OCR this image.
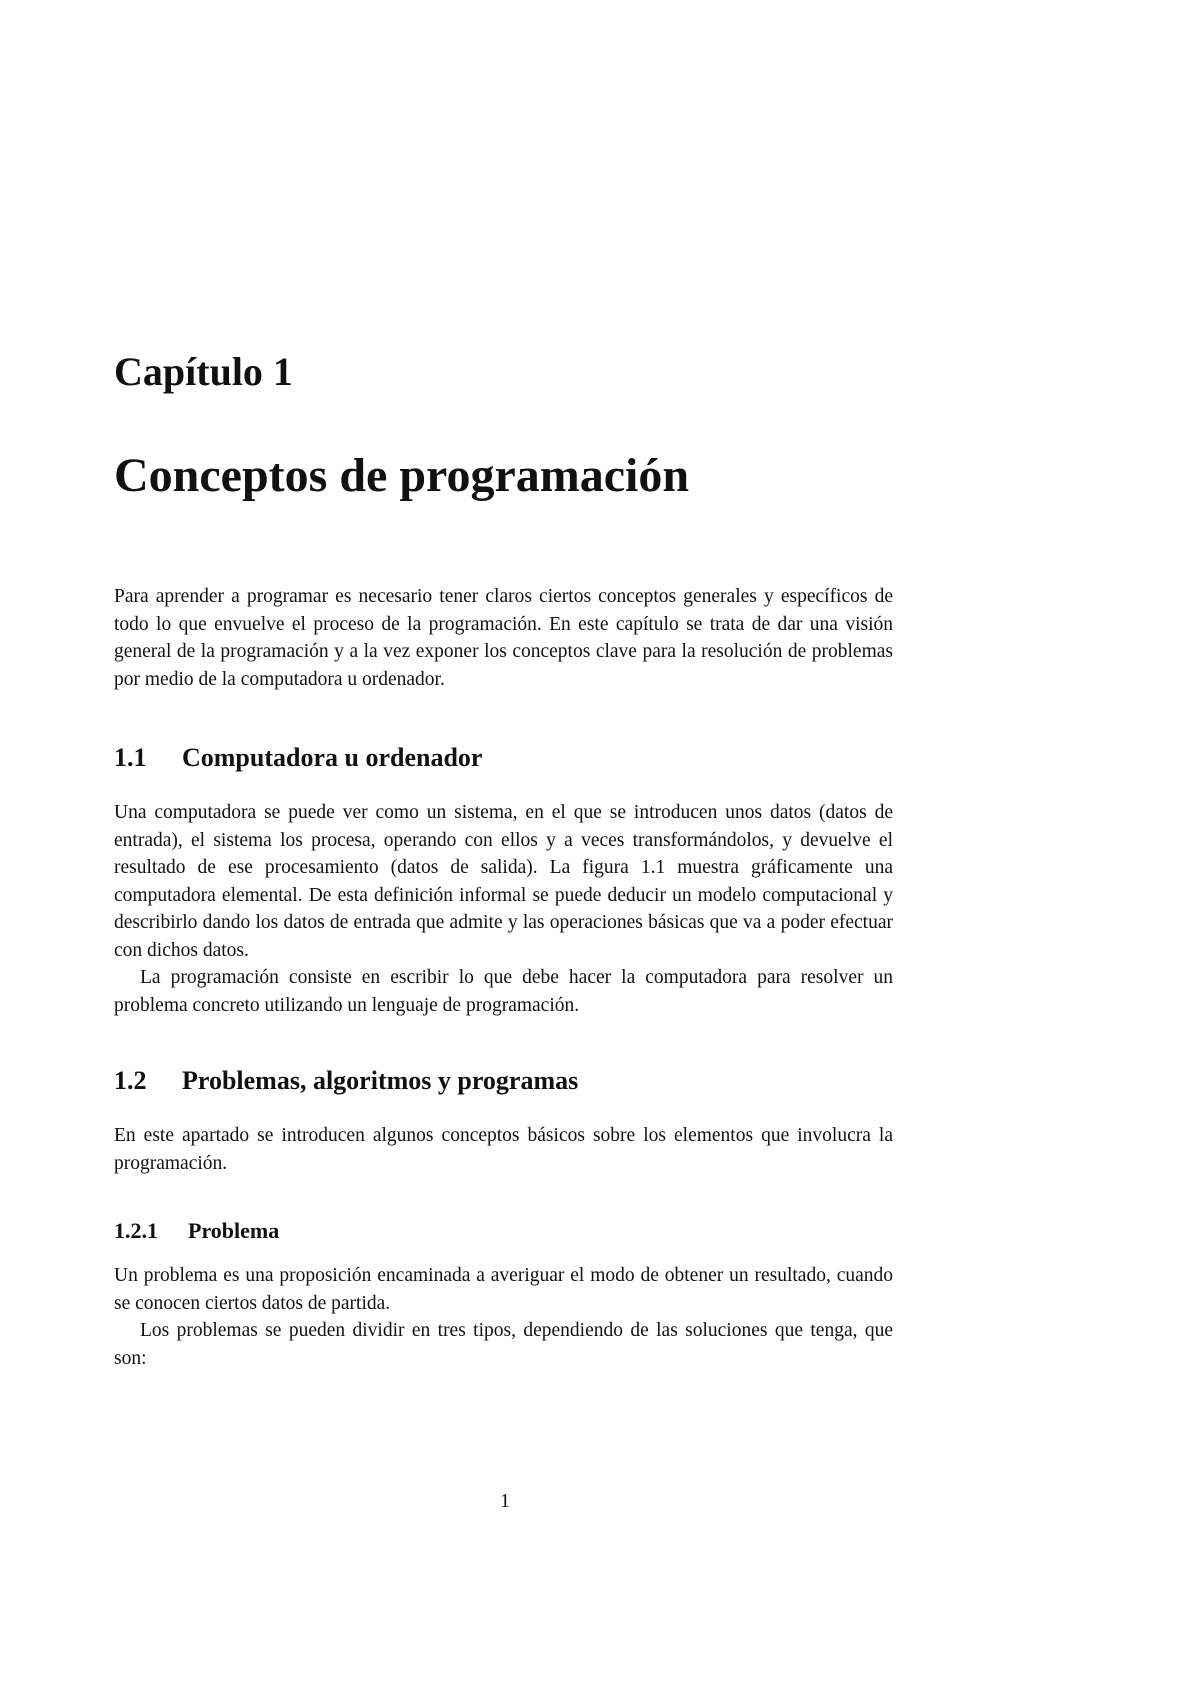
Capítulo 1
Conceptos de programación

Para aprender a programar es necesario tener claros ciertos conceptos generales y específicos de todo lo que envuelve el proceso de la programación. En este capítulo se trata de dar una visión general de la programación y a la vez exponer los conceptos clave para la resolución de problemas por medio de la computadora u ordenador.

1.1 Computadora u ordenador

Una computadora se puede ver como un sistema, en el que se introducen unos datos (datos de entrada), el sistema los procesa, operando con ellos y a veces transformándolos, y devuelve el resultado de ese procesamiento (datos de salida). La figura 1.1 muestra gráficamente una computadora elemental. De esta definición informal se puede deducir un modelo computacional y describirlo dando los datos de entrada que admite y las operaciones básicas que va a poder efectuar con dichos datos.

La programación consiste en escribir lo que debe hacer la computadora para resolver un problema concreto utilizando un lenguaje de programación.

1.2 Problemas, algoritmos y programas

En este apartado se introducen algunos conceptos básicos sobre los elementos que involucra la programación.

1.2.1 Problema

Un problema es una proposición encaminada a averiguar el modo de obtener un resultado, cuando se conocen ciertos datos de partida.

Los problemas se pueden dividir en tres tipos, dependiendo de las soluciones que tenga, que son:

1
